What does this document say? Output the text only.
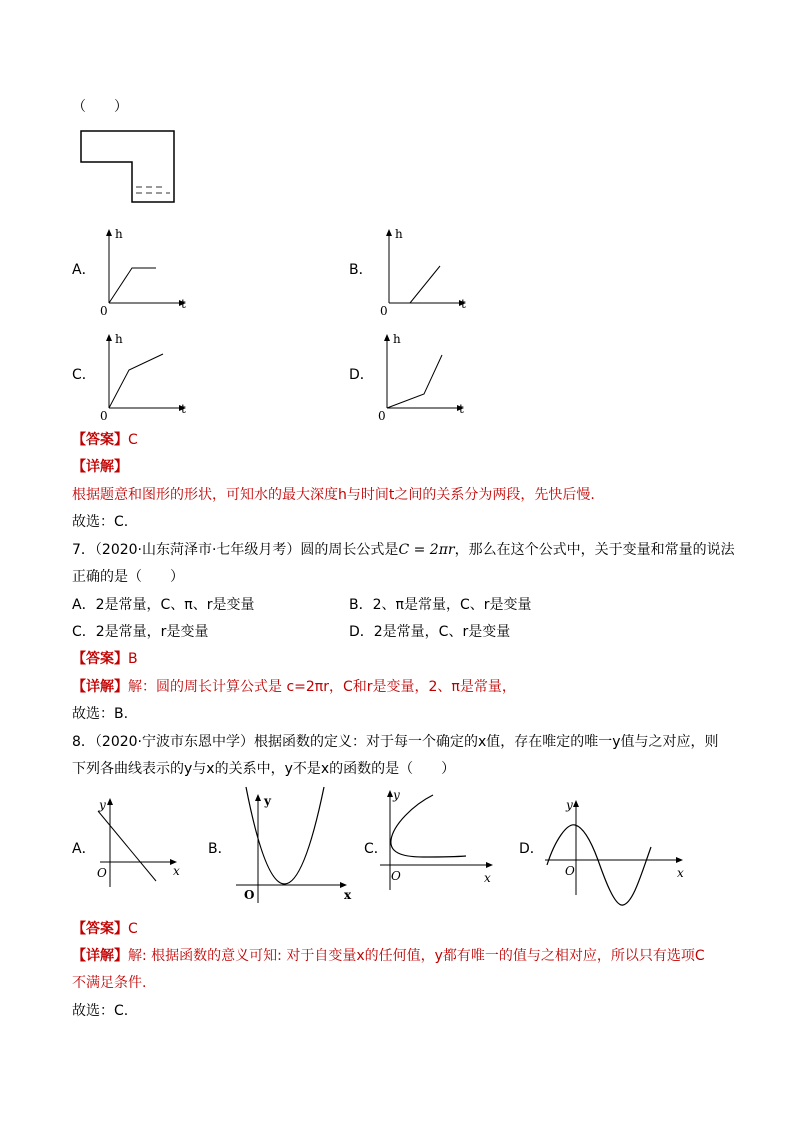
（　　）
A．
h
0	t
B．
h
0	t
C．
h
0	t
D．
h
0	t
【答案】C
【详解】
根据题意和图形的形状，可知水的最大深度h与时间t之间的关系分为两段，先快后慢.
故选：C.
7．（2020·山东菏泽市·七年级月考）圆的周长公式是C = 2πr，那么在这个公式中，关于变量和常量的说法
正确的是（　　）
A．2是常量，C、π、r是变量	B．2、π是常量，C、r是变量
C．2是常量，r是变量	D．2是常量，C、r是变量
【答案】B
【详解】解：圆的周长计算公式是 c=2πr，C和r是变量，2、π是常量，
故选：B.
8．（2020·宁波市东恩中学）根据函数的定义：对于每一个确定的x值，存在唯定的唯一y值与之对应，则
下列各曲线表示的y与x的关系中，y不是x的函数的是（　　）
A．
y
O	x
B．
y
O	x
C．
y
O	x
D．
y
O	x
【答案】C
【详解】解: 根据函数的意义可知: 对于自变量x的任何值，y都有唯一的值与之相对应，所以只有选项C
不满足条件.
故选：C.
